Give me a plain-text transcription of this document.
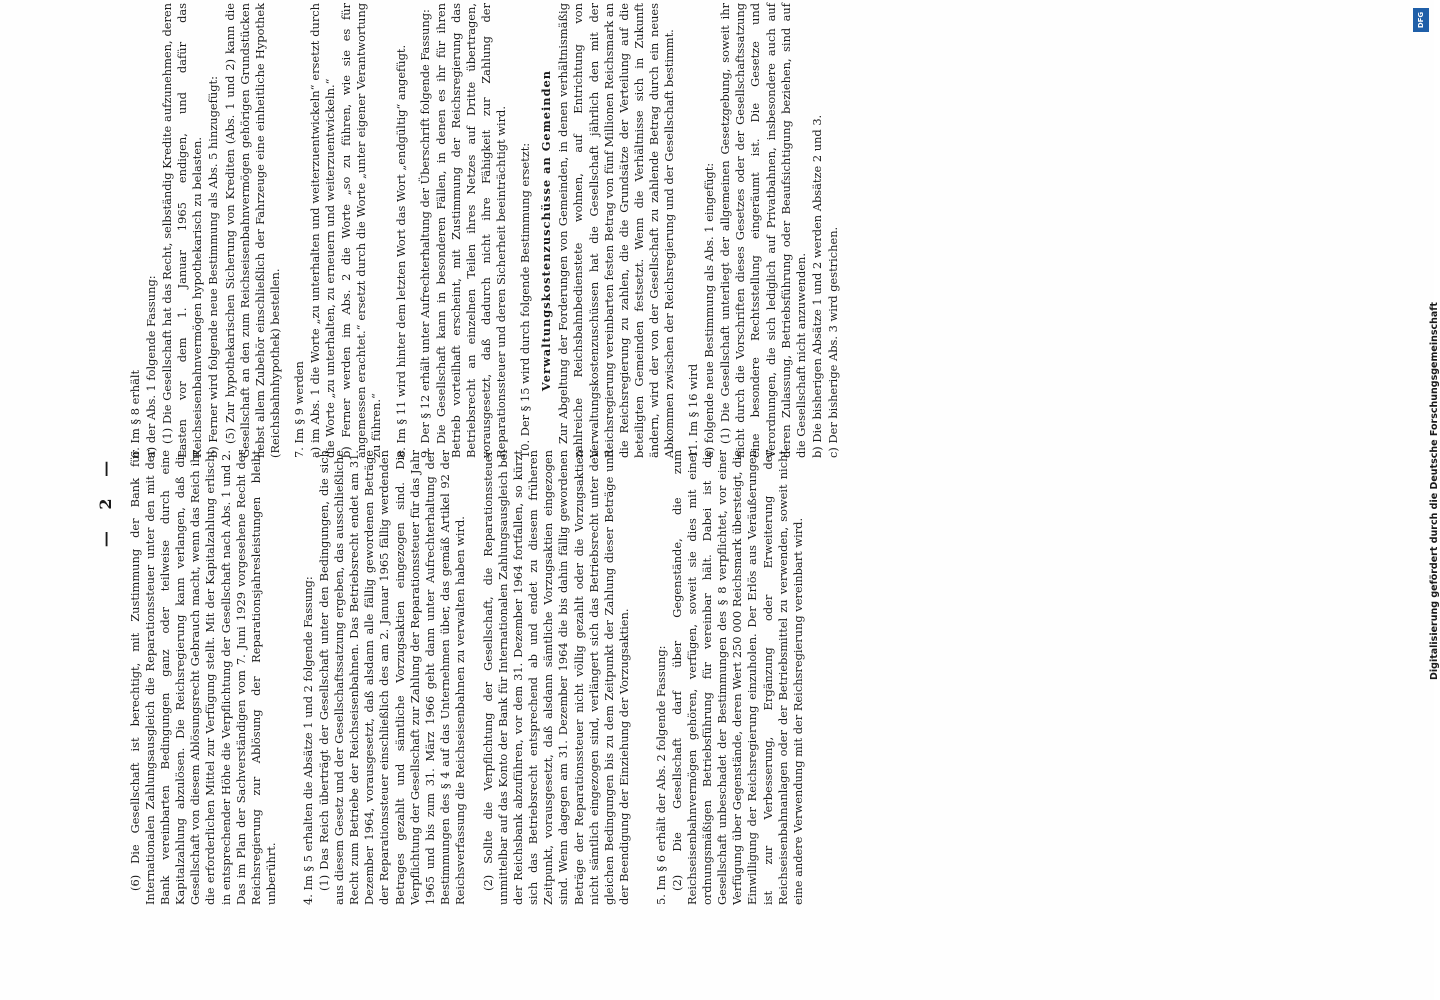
— 2 — (6) Die Gesellschaft ist berechtigt, mit Zustimmung der Bank für Internationalen Zahlungsausgleich die Reparationssteuer unter den mit der Bank vereinbarten Bedingungen ganz oder teilweise durch eine Kapitalzahlung abzulösen. Die Reichsregierung kann verlangen, daß die Gesellschaft von diesem Ablösungsrecht Gebrauch macht, wenn das Reich ihr die erforderlichen Mittel zur Verfügung stellt. Mit der Kapitalzahlung erlischt in entsprechender Höhe die Verpflichtung der Gesellschaft nach Abs. 1 und 2. Das im Plan der Sachverständigen vom 7. Juni 1929 vorgesehene Recht der Reichsregierung zur Ablösung der Reparationsjahresleistungen bleibt unberührt. 4. Im § 5 erhalten die Absätze 1 und 2 folgende Fassung: (1) Das Reich überträgt der Gesellschaft unter den Bedingungen, die sich aus diesem Gesetz und der Gesellschaftssatzung ergeben, das ausschließliche Recht zum Betriebe der Reichseisenbahnen. Das Betriebsrecht endet am 31. Dezember 1964, vorausgesetzt, daß alsdann alle fällig gewordenen Beträge der Reparationssteuer einschließlich des am 2. Januar 1965 fällig werdenden Betrages gezahlt und sämtliche Vorzugsaktien eingezogen sind. Die Verpflichtung der Gesellschaft zur Zahlung der Reparationssteuer für das Jahr 1965 und bis zum 31. März 1966 geht dann unter Aufrechterhaltung der Bestimmungen des § 4 auf das Unternehmen über, das gemäß Artikel 92 der Reichsverfassung die Reichseisenbahnen zu verwalten haben wird. (2) Sollte die Verpflichtung der Gesellschaft, die Reparationssteuer unmittelbar auf das Konto der Bank für Internationalen Zahlungsausgleich bei der Reichsbank abzuführen, vor dem 31. Dezember 1964 fortfallen, so kürzt sich das Betriebsrecht entsprechend ab und endet zu diesem früheren Zeitpunkt, vorausgesetzt, daß alsdann sämtliche Vorzugsaktien eingezogen sind. Wenn dagegen am 31. Dezember 1964 die bis dahin fällig gewordenen Beträge der Reparationssteuer nicht völlig gezahlt oder die Vorzugsaktien nicht sämtlich eingezogen sind, verlängert sich das Betriebsrecht unter den gleichen Bedingungen bis zu dem Zeitpunkt der Zahlung dieser Beträge und der Beendigung der Einziehung der Vorzugsaktien. 5. Im § 6 erhält der Abs. 2 folgende Fassung: (2) Die Gesellschaft darf über Gegenstände, die zum Reichseisenbahnvermögen gehören, verfügen, soweit sie dies mit einer ordnungsmäßigen Betriebsführung für vereinbar hält. Dabei ist die Gesellschaft unbeschadet der Bestimmungen des § 8 verpflichtet, vor einer Verfügung über Gegenstände, deren Wert 250 000 Reichsmark übersteigt, die Einwilligung der Reichsregierung einzuholen. Der Erlös aus Veräußerungen ist zur Verbesserung, Ergänzung oder Erweiterung der Reichseisenbahnanlagen oder der Betriebsmittel zu verwenden, soweit nicht eine andere Verwendung mit der Reichsregierung vereinbart wird.

6. Im § 8 erhält a) der Abs. 1 folgende Fassung: (1) Die Gesellschaft hat das Recht, selbständig Kredite aufzunehmen, deren Lasten vor dem 1. Januar 1965 endigen, und dafür das Reichseisenbahnvermögen hypothekarisch zu belasten. b) Ferner wird folgende neue Bestimmung als Abs. 5 hinzugefügt: (5) Zur hypothekarischen Sicherung von Krediten (Abs. 1 und 2) kann die Gesellschaft an den zum Reichseisenbahnvermögen gehörigen Grundstücken nebst allem Zubehör einschließlich der Fahrzeuge eine einheitliche Hypothek (Reichsbahnhypothek) bestellen. 7. Im § 9 werden a) im Abs. 1 die Worte „zu unterhalten und weiterzuentwickeln“ ersetzt durch die Worte „zu unterhalten, zu erneuern und weiterzuentwickeln.“ b) Ferner werden im Abs. 2 die Worte „so zu führen, wie sie es für angemessen erachtet.“ ersetzt durch die Worte „unter eigener Verantwortung zu führen.“ 8. Im § 11 wird hinter dem letzten Wort das Wort „endgültig“ angefügt. 9. Der § 12 erhält unter Aufrechterhaltung der Überschrift folgende Fassung: Die Gesellschaft kann in besonderen Fällen, in denen es ihr für ihren Betrieb vorteilhaft erscheint, mit Zustimmung der Reichsregierung das Betriebsrecht an einzelnen Teilen ihres Netzes auf Dritte übertragen, vorausgesetzt, daß dadurch nicht ihre Fähigkeit zur Zahlung der Reparationssteuer und deren Sicherheit beeinträchtigt wird. 10. Der § 15 wird durch folgende Bestimmung ersetzt: Verwaltungskostenzuschüsse an Gemeinden Zur Abgeltung der Forderungen von Gemeinden, in denen verhältnismäßig zahlreiche Reichsbahnbedienstete wohnen, auf Entrichtung von Verwaltungskostenzuschüssen hat die Gesellschaft jährlich den mit der Reichsregierung vereinbarten festen Betrag von fünf Millionen Reichsmark an die Reichsregierung zu zahlen, die die Grundsätze der Verteilung auf die beteiligten Gemeinden festsetzt. Wenn die Verhältnisse sich in Zukunft ändern, wird der von der Gesellschaft zu zahlende Betrag durch ein neues Abkommen zwischen der Reichsregierung und der Gesellschaft bestimmt. 11. Im § 16 wird a) folgende neue Bestimmung als Abs. 1 eingefügt: (1) Die Gesellschaft unterliegt der allgemeinen Gesetzgebung, soweit ihr nicht durch die Vorschriften dieses Gesetzes oder der Gesellschaftssatzung eine besondere Rechtsstellung eingeräumt ist. Die Gesetze und Verordnungen, die sich lediglich auf Privatbahnen, insbesondere auch auf deren Zulassung, Betriebsführung oder Beaufsichtigung beziehen, sind auf die Gesellschaft nicht anzuwenden. b) Die bisherigen Absätze 1 und 2 werden Absätze 2 und 3. c) Der bisherige Abs. 3 wird gestrichen.

DFG
Digitalisierung gefördert durch die Deutsche Forschungsgemeinschaft
